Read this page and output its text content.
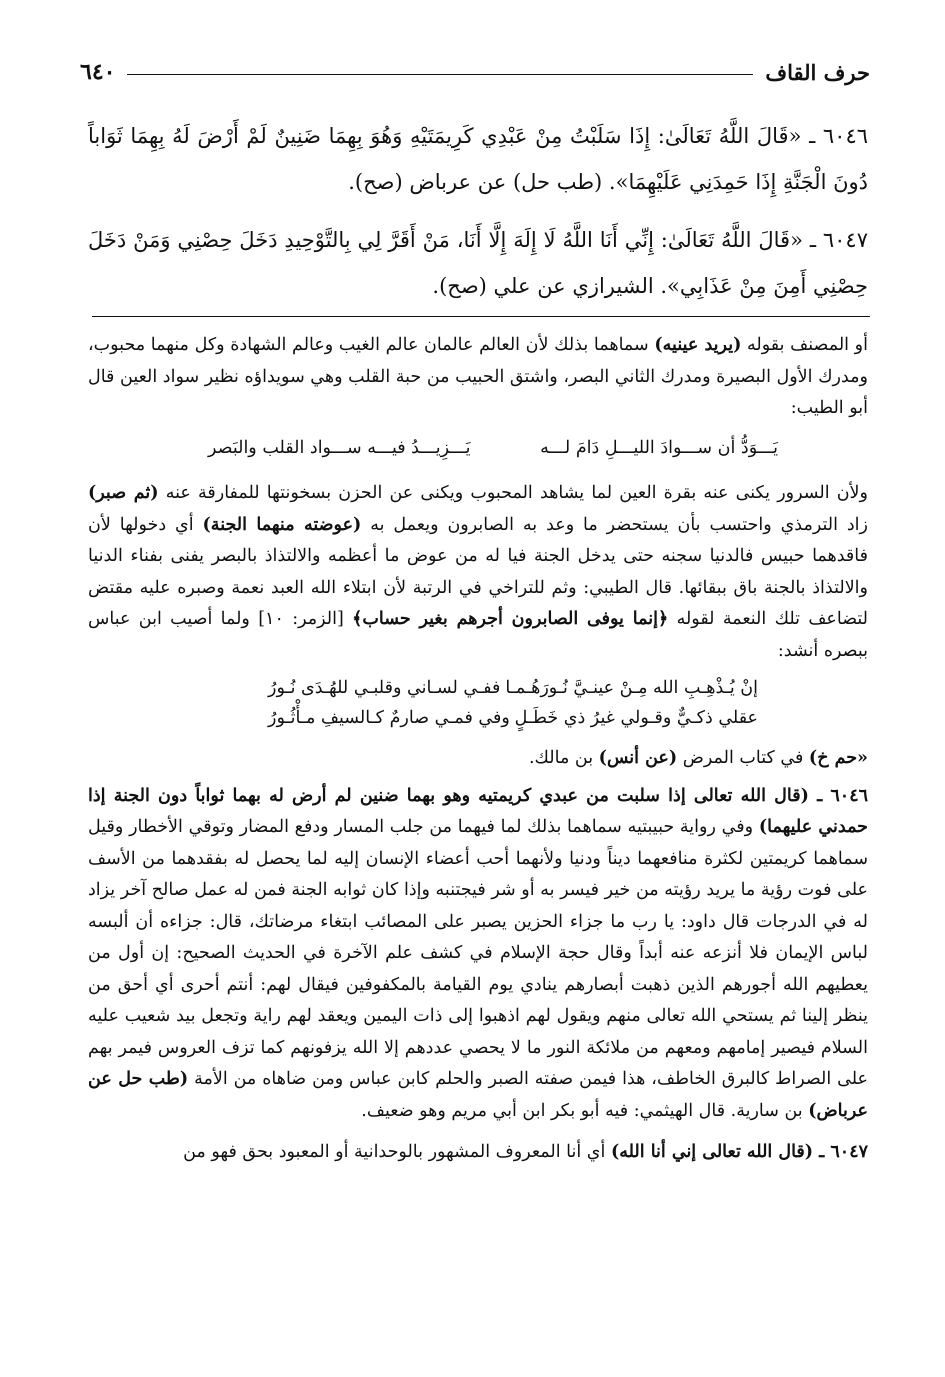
حرف القاف
٦٤٠

٦٠٤٦ ـ «قَالَ اللَّهُ تَعَالَىٰ: إِذَا سَلَبْتُ مِنْ عَبْدِي كَرِيمَتَيْهِ وَهُوَ بِهِمَا ضَنِينٌ لَمْ أَرْضَ لَهُ بِهِمَا ثَوَاباً دُونَ الْجَنَّةِ إِذَا حَمِدَنِي عَلَيْهِمَا». (طب حل) عن عرباض (صح).

٦٠٤٧ ـ «قَالَ اللَّهُ تَعَالَىٰ: إِنِّي أَنَا اللَّهُ لَا إِلَهَ إِلَّا أَنَا، مَنْ أَقَرَّ لِي بِالتَّوْحِيدِ دَخَلَ حِصْنِي وَمَنْ دَخَلَ حِصْنِي أَمِنَ مِنْ عَذَابِي». الشيرازي عن علي (صح).

أو المصنف بقوله (يريد عينيه) سماهما بذلك لأن العالم عالمان عالم الغيب وعالم الشهادة وكل منهما محبوب، ومدرك الأول البصيرة ومدرك الثاني البصر، واشتق الحبيب من حبة القلب وهي سويداؤه نظير سواد العين قال أبو الطيب:

يَـــوَدُّ أن ســـوادَ الليـــلِ دَامَ لـــه
يَـــزِيـــدُ فيـــه ســـواد القلب والبَصر

ولأن السرور يكنى عنه بقرة العين لما يشاهد المحبوب ويكنى عن الحزن بسخونتها للمفارقة عنه (ثم صبر) زاد الترمذي واحتسب بأن يستحضر ما وعد به الصابرون ويعمل به (عوضته منهما الجنة) أي دخولها لأن فاقدهما حبيس فالدنيا سجنه حتى يدخل الجنة فيا له من عوض ما أعظمه والالتذاذ بالبصر يفنى بفناء الدنيا والالتذاذ بالجنة باق ببقائها. قال الطيبي: وثم للتراخي في الرتبة لأن ابتلاء الله العبد نعمة وصبره عليه مقتض لتضاعف تلك النعمة لقوله ﴿إنما يوفى الصابرون أجرهم بغير حساب﴾ [الزمر: ١٠] ولما أصيب ابن عباس ببصره أنشد:

إنْ يُـذْهِـبِ الله مِـنْ عينـيَّ نُـورَهُـمـا
ففـي لسـاني وقلبـي للهُـدَى نُـورُ
عقلي ذكـيٌّ وقـولي غيرُ ذي خَطَـلٍ
وفي فمـي صارمٌ كـالسيفِ مـأْثُـورُ

«حم خ) في كتاب المرض (عن أنس) بن مالك.

٦٠٤٦ ـ (قال الله تعالى إذا سلبت من عبدي كريمتيه وهو بهما ضنين لم أرض له بهما ثواباً دون الجنة إذا حمدني عليهما) وفي رواية حبيبتيه سماهما بذلك لما فيهما من جلب المسار ودفع المضار وتوقي الأخطار وقيل سماهما كريمتين لكثرة منافعهما ديناً ودنيا ولأنهما أحب أعضاء الإنسان إليه لما يحصل له بفقدهما من الأسف على فوت رؤية ما يريد رؤيته من خير فيسر به أو شر فيجتنبه وإذا كان ثوابه الجنة فمن له عمل صالح آخر يزاد له في الدرجات قال داود: يا رب ما جزاء الحزين يصبر على المصائب ابتغاء مرضاتك، قال: جزاءه أن ألبسه لباس الإيمان فلا أنزعه عنه أبداً وقال حجة الإسلام في كشف علم الآخرة في الحديث الصحيح: إن أول من يعطيهم الله أجورهم الذين ذهبت أبصارهم ينادي يوم القيامة بالمكفوفين فيقال لهم: أنتم أحرى أي أحق من ينظر إلينا ثم يستحي الله تعالى منهم ويقول لهم اذهبوا إلى ذات اليمين ويعقد لهم راية وتجعل بيد شعيب عليه السلام فيصير إمامهم ومعهم من ملائكة النور ما لا يحصي عددهم إلا الله يزفونهم كما تزف العروس فيمر بهم على الصراط كالبرق الخاطف، هذا فيمن صفته الصبر والحلم كابن عباس ومن ضاهاه من الأمة (طب حل عن عرباض) بن سارية. قال الهيثمي: فيه أبو بكر ابن أبي مريم وهو ضعيف.

٦٠٤٧ ـ (قال الله تعالى إني أنا الله) أي أنا المعروف المشهور بالوحدانية أو المعبود بحق فهو من
